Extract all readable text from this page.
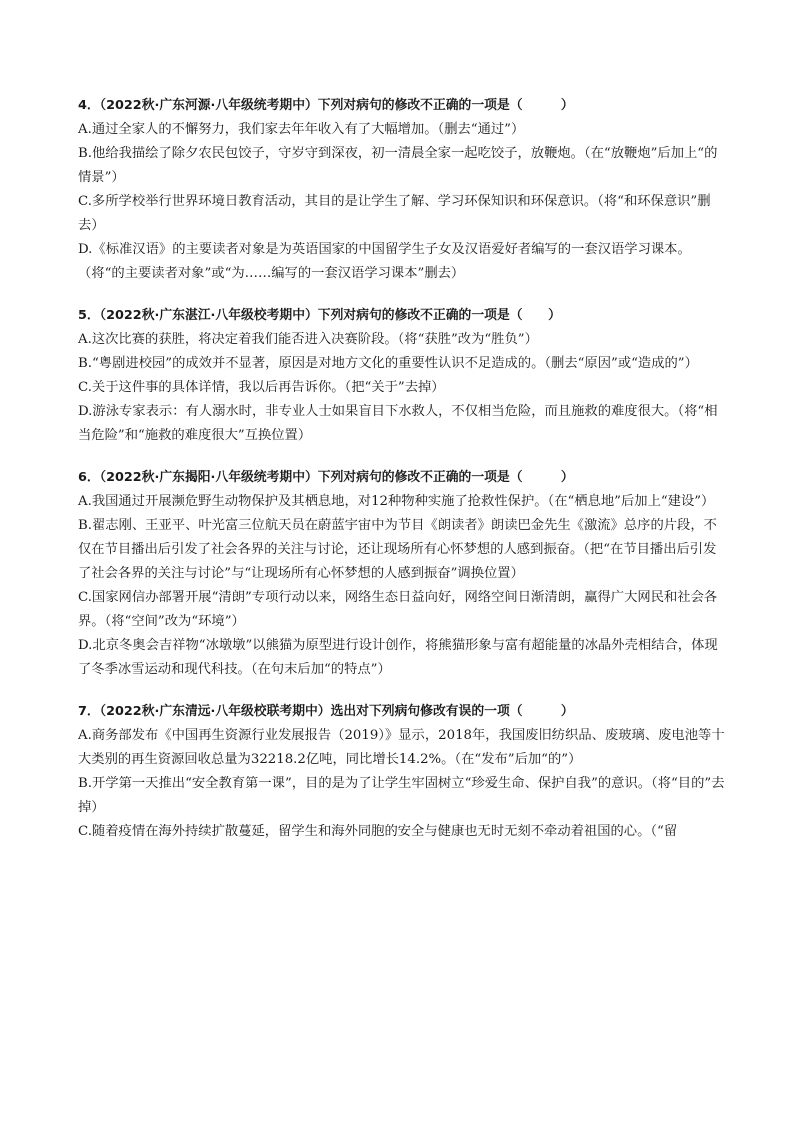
4．（2022秋·广东河源·八年级统考期中）下列对病句的修改不正确的一项是（　　　）
A.通过全家人的不懈努力，我们家去年年收入有了大幅增加。（删去“通过”）
B.他给我描绘了除夕农民包饺子，守岁守到深夜，初一清晨全家一起吃饺子，放鞭炮。（在“放鞭炮”后加上“的情景”）
C.多所学校举行世界环境日教育活动，其目的是让学生了解、学习环保知识和环保意识。（将“和环保意识”删去）
D.《标准汉语》的主要读者对象是为英语国家的中国留学生子女及汉语爱好者编写的一套汉语学习课本。（将“的主要读者对象”或“为……编写的一套汉语学习课本”删去）
5．（2022秋·广东湛江·八年级校考期中）下列对病句的修改不正确的一项是（　　）
A.这次比赛的获胜，将决定着我们能否进入决赛阶段。（将“获胜”改为“胜负”）
B.“粤剧进校园”的成效并不显著，原因是对地方文化的重要性认识不足造成的。（删去“原因”或“造成的”）
C.关于这件事的具体详情，我以后再告诉你。（把“关于”去掉）
D.游泳专家表示：有人溺水时，非专业人士如果盲目下水救人，不仅相当危险，而且施救的难度很大。（将“相当危险”和“施救的难度很大”互换位置）
6．（2022秋·广东揭阳·八年级统考期中）下列对病句的修改不正确的一项是（　　　）
A.我国通过开展濒危野生动物保护及其栖息地，对12种物种实施了抢救性保护。（在“栖息地”后加上“建设”）
B.翟志刚、王亚平、叶光富三位航天员在蔚蓝宇宙中为节目《朗读者》朗读巴金先生《激流》总序的片段，不仅在节目播出后引发了社会各界的关注与讨论，还让现场所有心怀梦想的人感到振奋。（把“在节目播出后引发了社会各界的关注与讨论”与“让现场所有心怀梦想的人感到振奋”调换位置）
C.国家网信办部署开展“清朗”专项行动以来，网络生态日益向好，网络空间日渐清朗，赢得广大网民和社会各界。（将“空间”改为“环境”）
D.北京冬奥会吉祥物“冰墩墩”以熊猫为原型进行设计创作，将熊猫形象与富有超能量的冰晶外壳相结合，体现了冬季冰雪运动和现代科技。（在句末后加“的特点”）
7．（2022秋·广东清远·八年级校联考期中）选出对下列病句修改有误的一项（　　　）
A.商务部发布《中国再生资源行业发展报告（2019）》显示，2018年，我国废旧纺织品、废玻璃、废电池等十大类别的再生资源回收总量为32218.2亿吨，同比增长14.2%。（在“发布”后加“的”）
B.开学第一天推出“安全教育第一课”，目的是为了让学生牢固树立“珍爱生命、保护自我”的意识。（将“目的”去掉）
C.随着疫情在海外持续扩散蔓延，留学生和海外同胞的安全与健康也无时无刻不牵动着祖国的心。（“留
